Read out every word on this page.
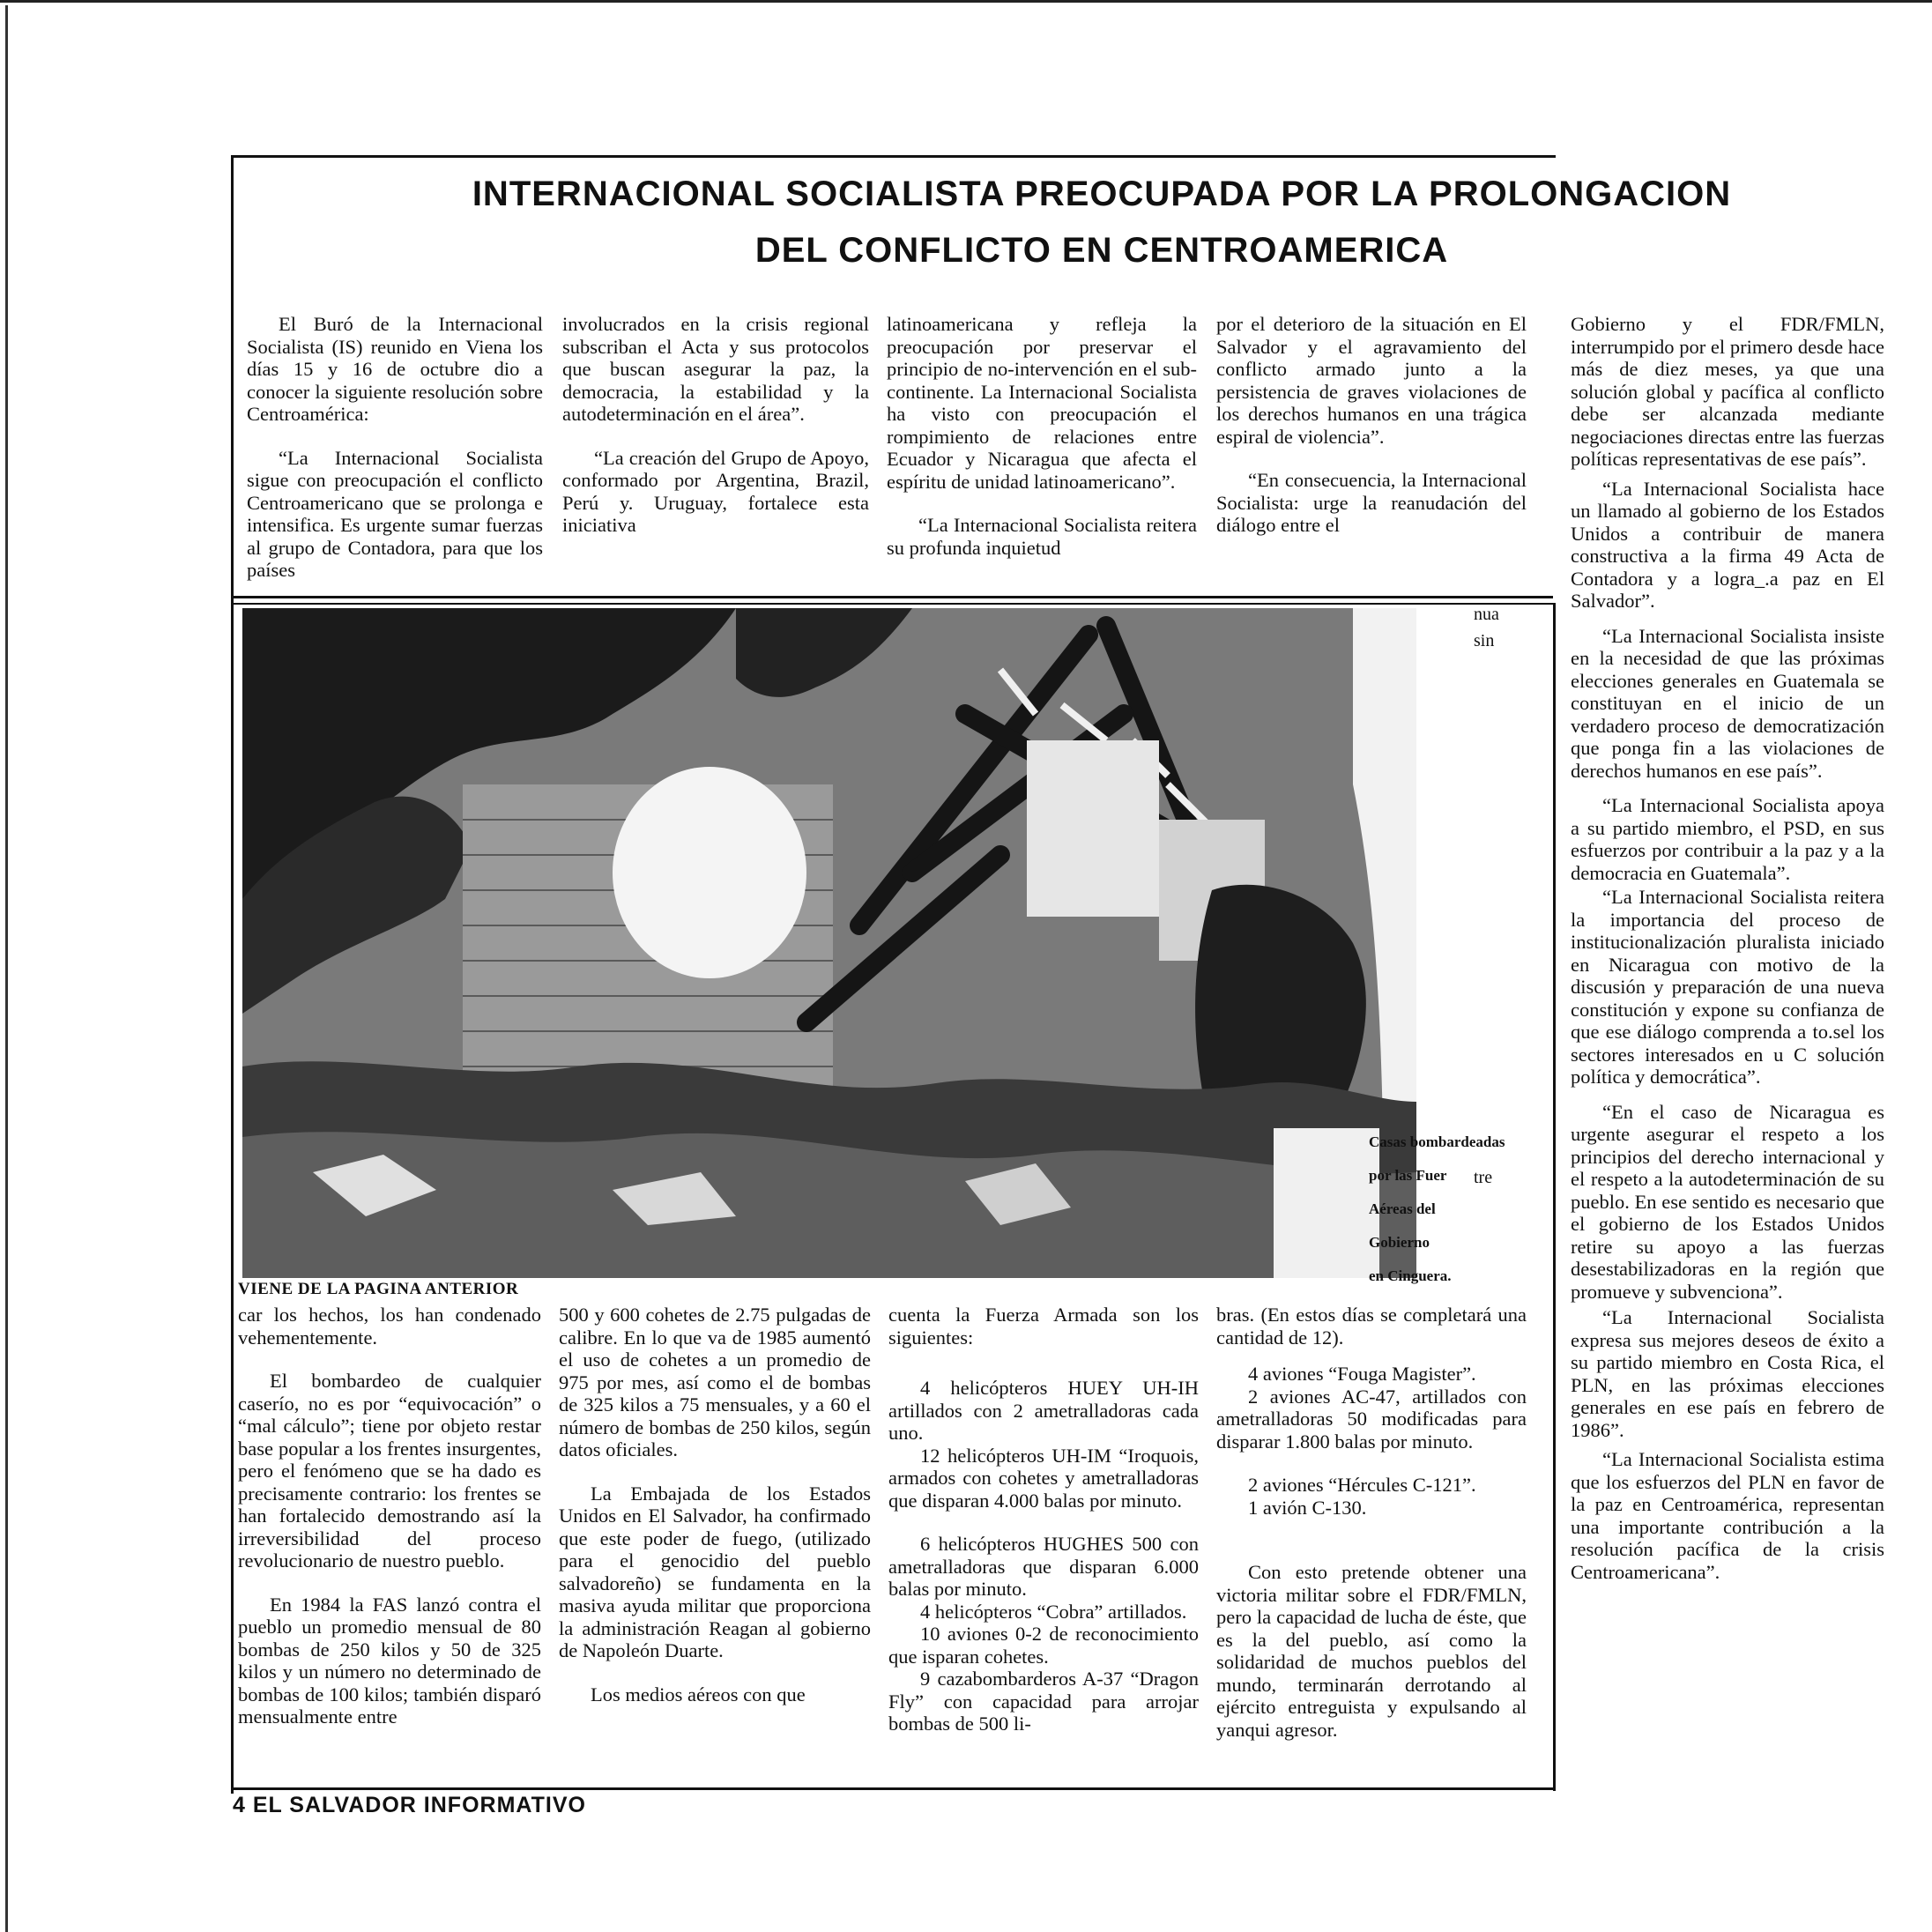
INTERNACIONAL SOCIALISTA PREOCUPADA POR LA PROLONGACION
DEL CONFLICTO EN CENTROAMERICA

El Buró de la Internacional Socialista (IS) reunido en Viena los días 15 y 16 de octubre dio a conocer la siguiente resolución sobre Centroamérica:

“La Internacional Socialista sigue con preocupación el conflicto Centroamericano que se prolonga e intensifica. Es urgente sumar fuerzas al grupo de Contadora, para que los países

involucrados en la crisis regional subscriban el Acta y sus protocolos que buscan asegurar la paz, la democracia, la estabilidad y la autodeterminación en el área”.

“La creación del Grupo de Apoyo, conformado por Argentina, Brazil, Perú y. Uruguay, fortalece esta iniciativa

latinoamericana y refleja la preocupación por preservar el principio de no-intervención en el sub-continente. La Internacional Socialista ha visto con preocupación el rompimiento de relaciones entre Ecuador y Nicaragua que afecta el espíritu de unidad latinoamericano”.

“La Internacional Socialista reitera su profunda inquietud

por el deterioro de la situación en El Salvador y el agravamiento del conflicto armado junto a la persistencia de graves violaciones de los derechos humanos en una trágica espiral de violencia”.

“En consecuencia, la Internacional Socialista: urge la reanudación del diálogo entre el

Gobierno y el FDR/FMLN, interrumpido por el primero desde hace más de diez meses, ya que una solución global y pacífica al conflicto debe ser alcanzada mediante negociaciones directas entre las fuerzas políticas representativas de ese país”.

“La Internacional Socialista hace un llamado al gobierno de los Estados Unidos a contribuir de manera constructiva a la firma 49 Acta de Contadora y a logra_.a paz en El Salvador”.

“La Internacional Socialista insiste en la necesidad de que las próximas elecciones generales en Guatemala se constituyan en el inicio de un verdadero proceso de democratización que ponga fin a las violaciones de derechos humanos en ese país”.

“La Internacional Socialista apoya a su partido miembro, el PSD, en sus esfuerzos por contribuir a la paz y a la democracia en Guatemala”.

“La Internacional Socialista reitera la importancia del proceso de institucionalización pluralista iniciado en Nicaragua con motivo de la discusión y preparación de una nueva constitución y expone su confianza de que ese diálogo comprenda a to.sel los sectores interesados en u C solución política y democrática”.

“En el caso de Nicaragua es urgente asegurar el respeto a los principios del derecho internacional y el respeto a la autodeterminación de su pueblo. En ese sentido es necesario que el gobierno de los Estados Unidos retire su apoyo a las fuerzas desestabilizadoras en la región que promueve y subvenciona”.

“La Internacional Socialista expresa sus mejores deseos de éxito a su partido miembro en Costa Rica, el PLN, en las próximas elecciones generales en ese país en febrero de 1986”.

“La Internacional Socialista estima que los esfuerzos del PLN en favor de la paz en Centroamérica, representan una importante contribución a la resolución pacífica de la crisis Centroamericana”.

Casas bombardeadas
por las Fuer
Aéreas del
Gobierno
en Cinguera.
tre
nua
sin
VIENE DE LA PAGINA ANTERIOR

car los hechos, los han condenado vehementemente.

El bombardeo de cualquier caserío, no es por “equivocación” o “mal cálculo”; tiene por objeto restar base popular a los frentes insurgentes, pero el fenómeno que se ha dado es precisamente contrario: los frentes se han fortalecido demostrando así la irreversibilidad del proceso revolucionario de nuestro pueblo.

En 1984 la FAS lanzó contra el pueblo un promedio mensual de 80 bombas de 250 kilos y 50 de 325 kilos y un número no determinado de bombas de 100 kilos; también disparó mensualmente entre

500 y 600 cohetes de 2.75 pulgadas de calibre. En lo que va de 1985 aumentó el uso de cohetes a un promedio de 975 por mes, así como el de bombas de 325 kilos a 75 mensuales, y a 60 el número de bombas de 250 kilos, según datos oficiales.

La Embajada de los Estados Unidos en El Salvador, ha confirmado que este poder de fuego, (utilizado para el genocidio del pueblo salvadoreño) se fundamenta en la masiva ayuda militar que proporciona la administración Reagan al gobierno de Napoleón Duarte.

Los medios aéreos con que

cuenta la Fuerza Armada son los siguientes:

4 helicópteros HUEY UH-IH artillados con 2 ametralladoras cada uno.

12 helicópteros UH-IM “Iroquois, armados con cohetes y ametralladoras que disparan 4.000 balas por minuto.

6 helicópteros HUGHES 500 con ametralladoras que disparan 6.000 balas por minuto.

4 helicópteros “Cobra” artillados.

10 aviones 0-2 de reconocimiento que isparan cohetes.

9 cazabombarderos A-37 “Dragon Fly” con capacidad para arrojar bombas de 500 li-

bras. (En estos días se completará una cantidad de 12).

4 aviones “Fouga Magister”.

2 aviones AC-47, artillados con ametralladoras 50 modificadas para disparar 1.800 balas por minuto.

2 aviones “Hércules C-121”.

1 avión C-130.

Con esto pretende obtener una victoria militar sobre el FDR/FMLN, pero la capacidad de lucha de éste, que es la del pueblo, así como la solidaridad de muchos pueblos del mundo, terminarán derrotando al ejército entreguista y expulsando al yanqui agresor.

4 EL SALVADOR INFORMATIVO
